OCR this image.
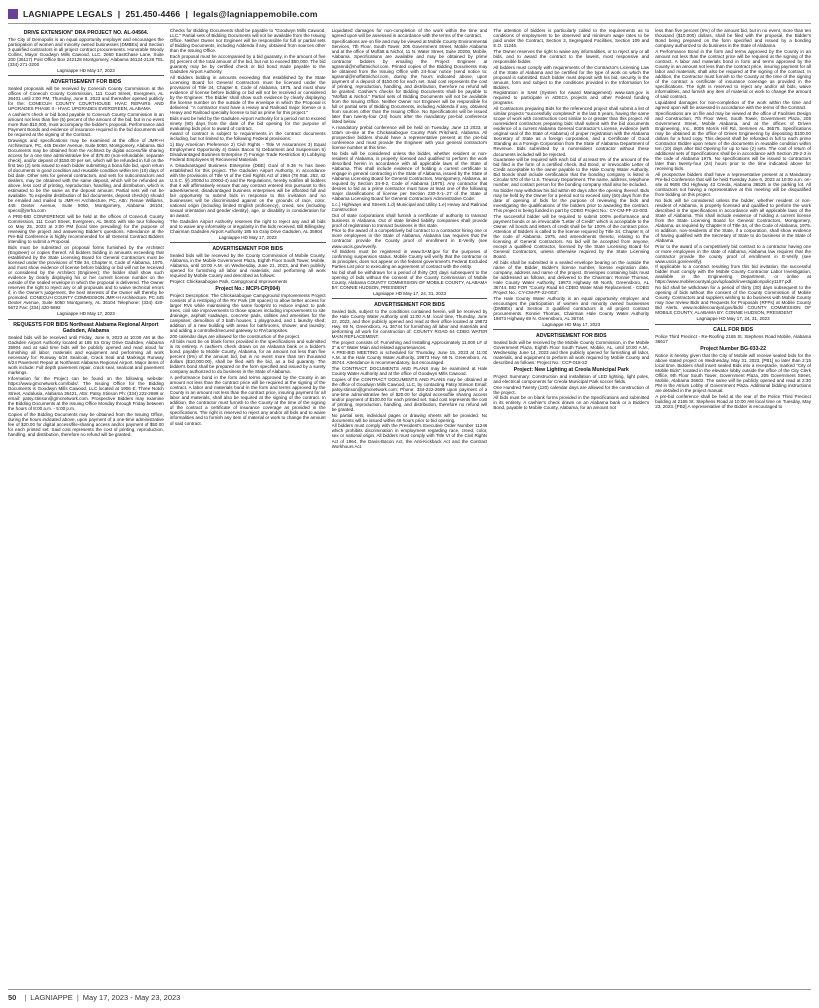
LAGNIAPPE LEGALS  |  251.450-4466  |  legals@lagniappemobile.com

DRIVE EXTENSION" DRA PROJECT NO. AL-04564.

The City of Demopolis is an equal opportunity employer and encourages the participation of women and minority owned businesses (DMBEs) and Section 3 qualified contractors in all project contract procurements. Honorable Woody Collins, Mayor Goodwyn Mills Cawood, LLC. 2660 EastChase Lane, Suite 200 (36117) Post Office Box 242128 Montgomery, Alabama 36124-2128 TEL (334) 271-3200

Lagniappe HD May 17, 2023

ADVERTISEMENT FOR BIDS

Sealed proposals will be received by Conecuh County Commission at the offices of Conecuh County Commission, 111 Court Street, Evergreen, AL 36401 until 2:00 PM, Thursday, June 8, 2023 and thereafter opened publicly for the: CONECUH COUNTY COURTHOUSE HVAC REPAIRS AND UPGRADES PHASE II - HVAC UPGRADES EVERGREEN, ALABAMA

A cashier's check or bid bond payable to Conecuh County Commission in an amount not less than five (5) percent of the amount of the bid, but in no event more than $10,000, must accompany the bidder's proposal. Performance and Payment Bonds and evidence of insurance required in the bid documents will be required at the signing of the Contract.

Drawings and specifications may be examined at the office of JMR+H Architecture, PC, 445 Dexter Avenue, Suite 5050, Montgomery, Alabama. Bid Documents may be obtained from the Architect by digital access/file sharing access for a one time administrative fee of $75.00 (non-refundable; separate check), and/or deposit of $150.00 per set, which will be refunded in full on the first two (2) sets issued to each bidder submitting a bona fide bid, upon return of documents in good condition and reusable condition within ten (10) days of bid date. Other sets for general contractors, and sets for subcontractors and dealers, may be obtained with the same deposit, which will be refunded as above, less cost of printing, reproduction, handling, and distribution, which is estimated to be the same as the deposit amount. Partial sets will not be available. To expedite distribution of bid documents, deposit check(s) should be emailed and mailed to JMR+H Architecture, PC, Attn: Renae Williams, 445 Dexter Avenue, Suite 5050, Montgomery, Alabama 36104; specs@jmrha.com

A PRE-BID CONFERENCE will be held at the offices of Conecuh County Commission, 111 Court Street, Evergreen, AL 36401 with site tour following on May 25, 2023 at 2:00 PM (local time prevailing) for the purpose of reviewing the project and answering Bidder's questions. Attendance at the Pre-Bid Conference is highly recommended for all General Contract Bidders intending to submit a Proposal.

Bids must be submitted on proposal forms furnished by the Architect (Engineer) or copies thereof. All bidders bidding in amounts exceeding that established by the State Licensing Board for General Contractors must be licensed under the provisions of Title 34, Chapter 8, Code of Alabama, 1975, and must show evidence of license before bidding or bid will not be received or considered by the Architect (Engineer); the bidder shall show such evidence by clearly displaying his or her current license number on the outside of the sealed envelope in which the proposal is delivered. The Owner reserves the right to reject any or all proposals and to waive technical errors if, in the Owner's judgement, the best interests of the Owner will thereby be promoted. CONECUH COUNTY COMMISSION JMR+H Architecture, PC 445 Dexter Avenue, Suite 5050 Montgomery, AL 36104 Telephone: (334) 420-5672 Fax: (334) 420-5692

Lagniappe HD May 17, 2023

REQUESTS FOR BIDS Northeast Alabama Regional Airport Gadsden, Alabama

Sealed bids will be received until Friday, June 9, 2023 at 10:00 AM at the Gadsden Airport Authority located at 185 Ira Gray Drive Gadsden, Alabama 35904 and at said time bids will be publicly opened and read aloud for furnishing all labor, materials and equipment and performing all work necessary for: Runway 6/24 Sealcoat, Crack Seal and Markings Runway 6/24 Pavement Repair at Northeast Alabama Regional Airport. Major items of work include: Full depth pavement repair, crack seal, sealcoat and pavement markings.

Information for the Project can be found on the following website: https://www.gmcnetwork.com/bids/. The Issuing Office for the Bidding Documents is Goodwyn Mills Cawood, LLC located at 1906 E. Three Notch Street, Andalusia, Alabama 36421, Attn: Patsy Stinson Ph: (334) 222-2699 or email: patsy.stinson@gmcnetwork.com. Prospective Bidders may examine the Bidding Documents at the Issuing Office Monday through Friday between the hours of 8:00 a.m. - 5:00 p.m.

Copies of the Bidding Documents may be obtained from the Issuing Office, during the hours indicated above, upon payment of a one-time administrative fee of $20.00 for digital access/file-sharing access and/or payment of $50.00 for each printed set. Said cost represents the cost of printing, reproduction, handling, and distribution, therefore no refund will be granted.

Checks for Bidding Documents shall be payable to "Goodwyn Mills Cawood, LLC." Partial sets of Bidding Documents will not be available from the Issuing Office. Neither Owner nor Engineer will be responsible for full or partial sets of Bidding Documents, including Addenda if any, obtained from sources other than the Issuing Office.

Each proposal must be accompanied by a bid guaranty, in the amount of five (5) percent of the total amount of the bid, but not to exceed $50,000. The bid guaranty may be by certified check or bid bond made payable to the Gadsden Airport Authority.

All Bidders bidding in amounts exceeding that established by the State Licensing Board for General Contractors must be licensed under the provisions of Title 34, Chapter 8, Code of Alabama, 1975, and must show evidence of license before bidding or bid will not be received or considered by the Engineer. The Bidder shall show such evidence by clearly displaying the license number on the outside of the envelope in which the Proposal is delivered. "A contractor must have a Heavy and Railroad major license or a Heavy and Railroad specialty license to bid as prime for this project."

Bids must be held by the Gadsden Airport Authority for a period not to exceed ninety (90) days from the date of the bid opening for the purpose of evaluating bids prior to award of contract.

Award of contract is subject to requirements in the contract documents including, but not limited to, the following Federal provisions:

1) Buy American Preference 2) Civil Rights - Title VI Assurances 3) Equal Employment Opportunity 4) Davis Bacon 5) Debarment and Suspension 6) Disadvantaged Business Enterprise 7) Foreign Trade Restriction 8) Lobbying Federal Employees 9) Recovered Materials

A Disadvantaged Business Enterprise (DBE) Goal of 9.36 % has been established for this project. The Gadsden Airport Authority, in accordance with the provisions of Title VI of the Civil Rights Act of 1964 (78 Stat. 252, 42 U.S.C. §§ 2000d to 2000d-4) and the Regulations, hereby notifies all bidders that it will affirmatively ensure that any contract entered into pursuant to this advertisement, disadvantaged business enterprises will be afforded full and fair opportunity to submit bids in response to this invitation and no businesses will be discriminated against on the grounds of race, color, national origin (including limited English proficiency), creed, sex (including sexual orientation and gender identity), age, or disability in consideration for an award.

The Gadsden Airport Authority reserves the right to reject any and all bids and to waive any informality or irregularity in the bids received. Bill Billingsley, Chairman Gadsden Airport Authority 185 Ira Gray Drive Gadsden, AL 35904

Lagniappe HD May 17, 2023

ADVERTISEMENT FOR BIDS

Sealed bids will be received by the County Commission of Mobile County, Alabama, in the Mobile Government Plaza, Eighth Floor South Tower, Mobile, Alabama, until 10:00 A.M. on Wednesday, June 21, 2023, and then publicly opened for furnishing all labor and materials, and performing all work required by Mobile County and described as follows:

Project: Chickasabogue Park, Campground Improvements

Project No.: MCPI-CP(004)

Project Description: The Chickasabogue Campground Improvements Project consists of a restriping of the RV Park (39 spaces) to allow better access for larger RVs while maintaining the same footprint to reduce impact to park trees, civil site improvements to those spaces including improvements to site drainage, asphalt roadways, concrete pads, utilities and amenities for the campsites; demolition of 3 bath houses, 1 playground, and 1 laundry shed; addition of a new building with areas for bathrooms, shower, and laundry; and adding a controlled/secured gateway to RV/campsites.

200 calendar days are allowed for the construction of the project.

All bids must be on blank forms provided in the specifications and submitted in its entirety. A cashier's check drawn on an Alabama bank or a bidder's bond, payable to Mobile County, Alabama, for an amount not less than five percent (5%) of the amount bid, but in no event more than ten thousand dollars ($10,000.00), shall be filed with the bid, as a bid guaranty. The bidder's bond shall be prepared on the form specified and issued by a surety company authorized to do business in the State of Alabama.

A performance bond in the form and terms approved by the County in an amount not less than the contract price will be required at the signing of the contract. A labor and materials bond in the form and terms approved by the County in an amount not less than the contract price, insuring payment for all labor and materials, shall also be required at the signing of the contract. In addition, the contractor must furnish to the County at the time of the signing of the contract a certificate of insurance coverage as provided in the specifications. The right is reserved to reject any and/or all bids and to waive informalities and to furnish any item of material or work to change the amount of said contract.

Liquidated damages for non-completion of the work within the time and agreed upon will be assessed in accordance with the terms of the contract.

Specifications are on file and may be viewed at Mobile County Environmental Services, 7th Floor, South Tower, 205 Government Street, Mobile Alabama and at the office of Moffatt & Nichol, 11 N. Water Street, Suite 20200, Mobile, Alabama. Specifications are available and may be obtained by prime contractor bidders by emailing the Project Engineer at agrannd@moffattnichol.com. Printed copies of the Bidding Documents may be obtained from the Issuing Office with 24-hour notice (send notice to: agrannd@moffattnichol.com, during the hours indicated above, upon payment of a deposit of $150.00 for each set. Said cost represents the cost of printing, reproduction, handling, and distribution, therefore no refund will be granted. Cashier's checks for Bidding Documents shall be payable to "Moffatt & Nichol." Partial sets of Bidding Documents will not be available from the Issuing Office. Neither Owner nor Engineer will be responsible for full or partial sets of Bidding Documents, including Addenda if any, obtained from sources other than the Issuing Office. No Specifications will be issued later than twenty-four (24) hours after the mandatory pre-bid conference listed below.

A mandatory prebid conference will be held on Tuesday, June 13 2023, at 10am on-site at the Chickasabogue County Park Pritchard, Alabama. All prospective bidders should have a representative present at the pre-bid conference and must provide the Engineer with your general contractor's license number at this time.

No bids will be considered unless the bidder, whether resident or non-resident of Alabama, is properly licensed and qualified to perform the work described herein in accordance with all applicable laws of the State of Alabama. This shall include evidence of holding a current certificate to engage in general contracting in the State of Alabama, issued by the State of Alabama Licensing Board for General Contractors, Montgomery, Alabama, as required by Section 34-8-2, Code of Alabama (1975). Any contractor that desires to bid as a prime contractor must have at least one of the following major classifications of license per Section 230-X-1-.27 of the State of Alabama Licensing Board for General Contractors Administrative Code:

1.c.) Highways and Streets 1.d) Municipal and Utility 1.e) Heavy and Railroad Construction

Out of state corporations shall furnish a certificate of authority to transact business in Alabama. Out of state limited liability companies shall provide proof of registration to transact business in this state.

Prior to the award of a competitively bid contract to a contractor hiring one or more employees in the State of Alabama, Alabama law requires that the contractor provide the County proof of enrollment in E-Verify (see www.uscis.gov/everify.

All Bidders must be registered in www.SAM.gov for the purposes of confirming suspension status. Mobile County will verify that the contractor or its principles, does not appear on the federal government's Federal Excluded Parties List prior to executing an agreement of contract with the entity.

No bid shall be withdrawn for a period of thirty (30) days subsequent to the opening of bids without the consent of the County Commission of Mobile County, Alabama COUNTY COMMISSION OF MOBILE COUNTY, ALABAMA BY: CONNIE HUDSON, PRESIDENT

Lagniappe HD May 17, 24, 31, 2023

ADVERTISEMENT FOR BIDS

Sealed bids, subject to the conditions contained herein, will be received by the Hale County Water Authority until 11:00 A.M. local time, Thursday, June 22, 2023, and then publicly opened and read at their office located at 19873 Hwy. 69 N, Greensboro, AL 36744 for furnishing all labor and materials and performing all work for construction of: COUNTY ROAD 64 CDBG WATER MAIN REPLACEMENT.

The project consists of: Furnishing and Installing Approximately 11,000 LF of 3" & 6" Water Main and related appurtenances.

A PRE-BID MEETING is scheduled for Thursday, June 15, 2023 at 11:00 A.M. at the Hale County Water Authority, 19873 Hwy. 69 N. Greensboro, AL 36744. Attendance is recommendatory, but encouraged.

The CONTRACT DOCUMENTS AND PLANS may be examined at Hale County Water Authority and at the office of Goodwyn Mills Cawood.

Copies of the CONTRACT DOCUMENTS AND PLANS may be obtained at the office of Goodwyn Mills Cawood, LLC, by contacting Patsy Stinson Email: patsy.stinson@gmcnetwork.com; Phone: 334-222-2699 upon payment of a one-time administrative fee of $20.00 for digital access/file sharing access and/or payment of $100.00 for each printed set. Said cost represents the cost of printing, reproduction, handling, and distribution, therefore no refund will be granted.

No partial sets, individual pages or drawing sheets will be provided. No documents will be issued within 48 hours prior to bid opening.

All bidders must comply with the President's Executive Order Number 11246 which prohibits discrimination in employment regarding race, creed, color, sex or national origin. All bidders must comply with Title VI of the Civil Rights Act of 1964, the Davis-Bacon Act, the Anti-Kickback Act and the Contract Workhours Act.

The attention of bidders is particularly called to the requirements as to conditions of employment to be observed and minimum wage rates to be paid under the Contract, Section 3, Segregated Facilities, Section 109 and E.O. 11246.

The Owner reserves the right to waive any informalities, or to reject any or all bids, and to award the contract to the lowest, most responsive and responsible bidder.

All bidders must comply with requirements of the Contractor's Licensing Law of the State of Alabama and be certified for the type of work on which the proposal is submitted. Each bidder must deposit with his bid, security in the amount, form and subject to the conditions provided in the Information for Bidders.

Registration in SAM (System for Award Management) www.sam.gov is required to participate in ADECA projects and other Federal funding programs.

All Contractors preparing Bids for the referenced project shall submit a list of similar projects "successfully completed" in the last 5 years, having the same scope of work with construction cost similar to or greater than this project. All nonresident contractors preparing bids shall submit with the bid documents evidence of a current Alabama General Contractor's License, evidence (with original seal of the State of Alabama) of proper registration with the Alabama Secretary of State as a foreign corporation, and a Certificate of Good Standing as a Foreign Corporation from the State of Alabama Department of Revenue. Bids submitted by a nonresident contractor without these documents included will be rejected.

Guarantee will be required with each bid of at least 5% of the amount of the bid filed in the form of a certified check, Bid Bond, or irrevocable Letter of Credit acceptable to the owner payable to the Hale County Water Authority. Bid Bonds shall include certification that the bonding company is listed in Circular 570 of the U.S. Treasury Department. The name, address, telephone number, and contact person for the bonding company shall also be included.

No bidder may withdraw his bid within 60 days after the opening thereof. Bids may be held by the Owner for a period not to exceed sixty (60) days from the date of opening of bids for the purpose of reviewing the bids and investigating the qualifications of the bidders prior to awarding the contract. This project is being funded in part by CDBG Project No.: CY-CM-PF-22-003.

The successful bidder will be required to submit 100% performance and payment bonds or an irrevocable "Letter of Credit" which is acceptable to the Owner. All bonds and letters of credit shall be for 100% of the contract price. Attention of Bidders is called to the license required by Title 34, Chapter 8, of the code of Alabama, 1975, and amendments thereto, relating to the licensing of General Contractors. No bid will be accepted from anyone, except a qualified Contractor, licensed by the State Licensing Board for General Contractors, unless otherwise required by the State Licensing Board.

All bids shall be submitted in a sealed envelope bearing on the outside the name of the Bidder, Bidder's license number, license expiration date, company, address and name of the project. Envelopes containing bids must be addressed as follows, and delivered to the Chairman: Ronnie Thomas, Hale County Water Authority, 19873 Highway 69 North, Greensboro, AL 36744. BID FOR "County Road 64 CDBG Water Main Replacement - CDBG Project No.: CY-CM-PF-22-003".

The Hale County Water Authority is an equal opportunity employer and encourages the participation of women and minority owned businesses (DMBEs) and Section 3 qualified contractors in all project contract procurements. Ronnie Thomas, Chairman Hale County Water Authority 19873 Highway 69 N. Greensboro, AL 36744

Lagniappe HD May 17, 2023

ADVERTISEMENT FOR BIDS

Sealed bids will be received by the Mobile County Commission, in the Mobile Government Plaza, Eighth Floor South Tower, Mobile, AL, until 10:00 A.M., Wednesday June 14, 2023 and then publicly opened for furnishing all labor, materials, and equipment to perform all work required by Mobile County and described as follows: Project No.: CCP-018-22

Project: New Lighting at Creola Municipal Park

Project Summary: Construction and installation of LED lighting, light poles, and electrical components for Creola Municipal Park soccer fields.

One Hundred Twenty (120) calendar days are allowed for the construction of the project.

All bids must be on blank forms provided in the Specifications and submitted in its entirety. A cashier's check drawn on an Alabama bank or a Bidder's Bond, payable to Mobile County, Alabama, for an amount not

less than five percent (5%) of the amount bid, but in no event, more than ten thousand ($10,000) dollars, shall be filed with the proposal, the Bidder's Bond being prepared on the form specified and issued by a bonding company authorized to do business in the State of Alabama.

A Performance Bond in the form and terms approved by the County in an amount not less than the contract price will be required at the signing of the contract. A labor and materials bond in form and terms approved by the County in an amount not less than the contract price, insuring payment for all labor and materials, shall also be required at the signing of the contract. In addition, the Contractor must furnish to the County at the time of the signing of the contract a certificate of insurance coverage as provided in the specifications. The right is reserved to reject any and/or all bids, waive informalities, and furnish any item of material or work to change the amount of said contract.

Liquidated damages for non-completion of the work within the time and agreed upon will be assessed in accordance with the terms of the Contract.

Specifications are on file and may be viewed at the office of Facilities Design and Construction, 7th Floor West, South Tower, Government Plaza, 205 Government Street, Mobile Alabama, and at the offices of Driven Engineering, Inc., 8005 Morris Hill Rd, Semmes AL 36575. Specifications may be obtained at the office of Driven Engineering by depositing $100.00 dollars for a hard copy. This deposit shall be refunded in full to each prime Contractor Bidder upon return of the documents in reusable condition within ten (10) days after Bid Opening for up to two (2) sets. The cost of return of additional sets of Specifications shall be in accordance with Section 39-2-3 in the code of Alabama 1975. No specifications will be issued to contractors later than twenty-four (24) hours prior to the time indicated above for receiving bids.

All prospective bidders shall have a representative present at a Mandatory Pre-bid Conference that will be held Tuesday June 6, 2023 at 10:00 a.m. on-site at 9608 Old Highway 43 Creola, Alabama 36525 in the parking lot. All contractors not having a representative at this meeting will be disqualified from bidding on this project.

No bids will be considered unless the bidder, whether resident or non-resident of Alabama, is properly licensed and qualified to perform the work described in the specifications in accordance with all applicable laws of the State of Alabama. This shall include evidence of holding a current license from the State Licensing Board for General Contractors, Montgomery, Alabama, as required by Chapter 8 of Title 34, of the Code of Alabama, 1975. In addition, non-residents of the State, if a corporation, shall show evidence of having qualified with the Secretary of State to do business in the State of Alabama.

Prior to the award of a competitively bid contract to a contractor having one or more employees in the state of Alabama, Alabama law requires that the contractor provide the county proof of enrollment in E-Verify (see www.uscis.gov/everify).

If applicable to a contract resulting from this bid invitation, the successful bidder must comply with the Mobile County Contractor Labor Investigation, available in the Engineering Department, or online at https://www.mobilecountyal.gov/uploads/investigationpolicy1107.pdf.

No bid shall be withdrawn for a period of thirty (30) days subsequent to the opening of bids without the consent of the County Commission of Mobile County. Contractors and suppliers wishing to do business with Mobile County may now review Bids and Requests for Proposals (RFPs) at Mobile County Bid Alerts. www.mobilecountyal.gov/bids/ COUNTY COMMISSION OF MOBILE COUNTY, ALABAMA BY: CONNIE HUDSON, PRESIDENT

Lagniappe HD May 17, 24, 31, 2023

CALL FOR BIDS

Police Third Precinct - Re-Roofing 2165 St. Stephens Road Mobile, Alabama 36617

Project Number BG-033-22

Notice is hereby given that the City of Mobile will receive sealed bids for the above stated project on Wednesday, May 31, 2023, [PB1] no later than 2:15 local time. Bidders shall insert sealed Bids into a receptacle, marked "City of Mobile Bids", located in the elevator lobby outside the office of the City Clerk Office, 9th Floor South Tower, Government Plaza, 205 Government Street, Mobile, Alabama 36602. The same will be publicly opened and read at 2:30 PM in the Atrium Lobby of Government Plaza. Additional bidding instructions are detailed in the project manual.

A pre-bid conference shall be held at the rear of the Police Third Precinct building at 2165 St. Stephens Road at 10:00 AM local time on Tuesday, May 23, 2023. [PB2] A representative of the Bidder is encouraged to

50 | LAGNIAPPE | May 17, 2023 - May 23, 2023
